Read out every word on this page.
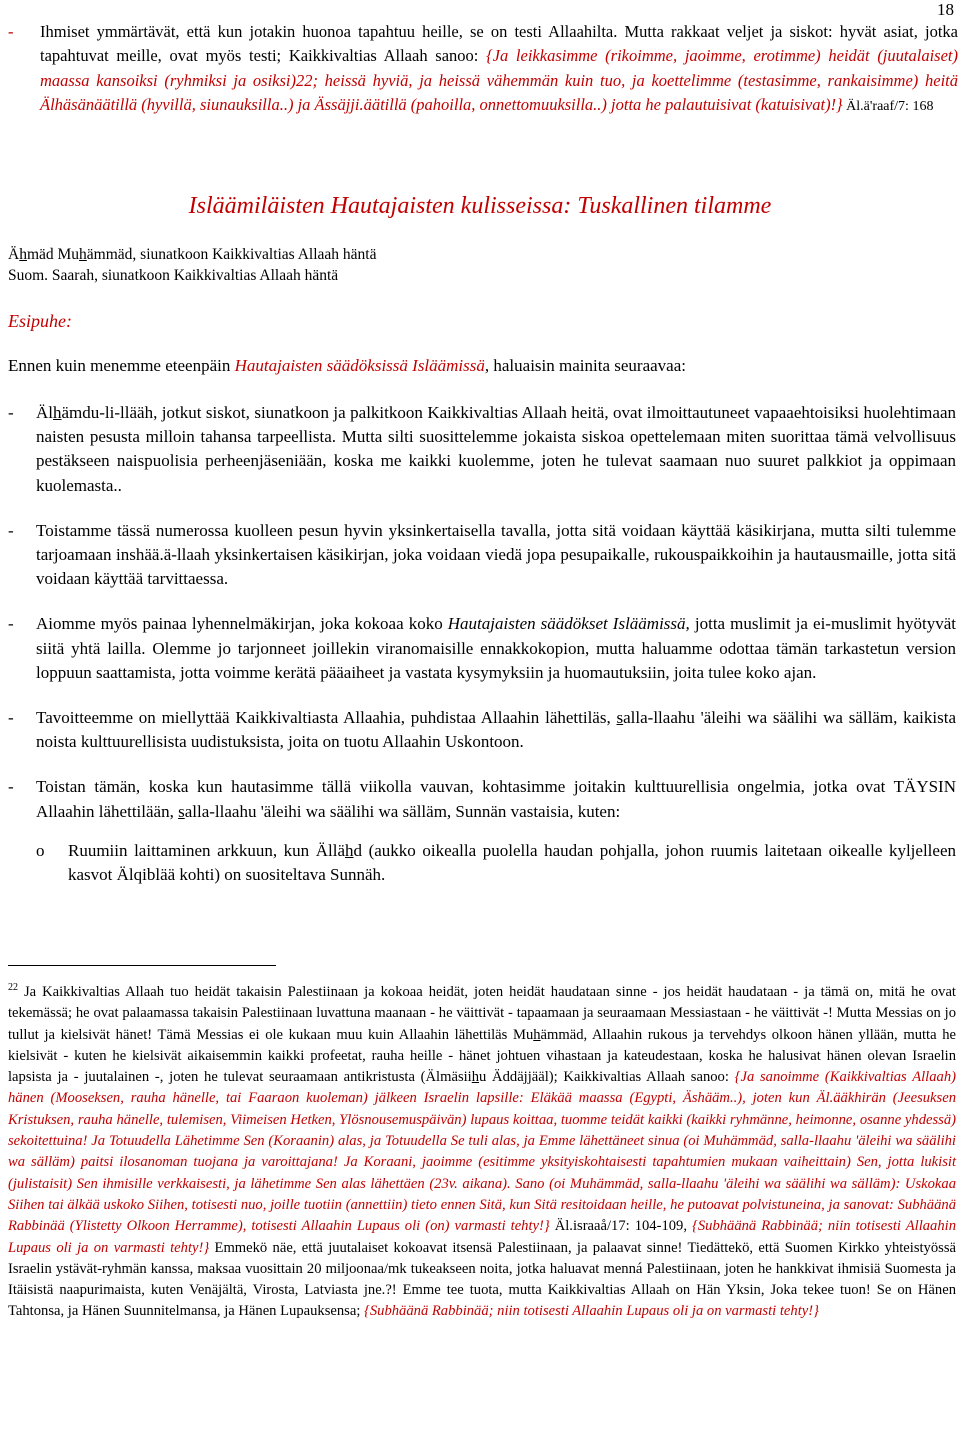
18
-	Ihmiset ymmärtävät, että kun jotakin huonoa tapahtuu heille, se on testi Allaahilta. Mutta rakkaat veljet ja siskot: hyvät asiat, jotka tapahtuvat meille, ovat myös testi; Kaikkivaltias Allaah sanoo: {Ja leikkasimme (rikoimme, jaoimme, erotimme) heidät (juutalaiset) maassa kansoiksi (ryhmiksi ja osiksi)22; heissä hyviä, ja heissä vähemmän kuin tuo, ja koettelimme (testasimme, rankaisimme) heitä Älhäsänäätillä (hyvillä, siunauksilla..) ja Ässäjji.äätillä (pahoilla, onnettomuuksilla..) jotta he palautuisivat (katuisivat)!} Äl.ä'raaf/7: 168
Isläämiläisten Hautajaisten kulisseissa: Tuskallinen tilamme
Ähmäd Muhämmäd, siunatkoon Kaikkivaltias Allaah häntä
Suom. Saarah, siunatkoon Kaikkivaltias Allaah häntä
Esipuhe:
Ennen kuin menemme eteenpäin Hautajaisten säädöksissä Isläämissä, haluaisin mainita seuraavaa:
-	Älhämdu-li-llääh, jotkut siskot, siunatkoon ja palkitkoon Kaikkivaltias Allaah heitä, ovat ilmoittautuneet vapaaehtoisiksi huolehtimaan naisten pesusta milloin tahansa tarpeellista. Mutta silti suosittelemme jokaista siskoa opettelemaan miten suorittaa tämä velvollisuus pestäkseen naispuolisia perheenjäseniään, koska me kaikki kuolemme, joten he tulevat saamaan nuo suuret palkkiot ja oppimaan kuolemasta..
-	Toistamme tässä numerossa kuolleen pesun hyvin yksinkertaisella tavalla, jotta sitä voidaan käyttää käsikirjana, mutta silti tulemme tarjoamaan inshää.ä-llaah yksinkertaisen käsikirjan, joka voidaan viedä jopa pesupaikalle, rukouspaikkoihin ja hautausmaille, jotta sitä voidaan käyttää tarvittaessa.
-	Aiomme myös painaa lyhennelmäkirjan, joka kokoaa koko Hautajaisten säädökset Isläämissä, jotta muslimit ja ei-muslimit hyötyvät siitä yhtä lailla. Olemme jo tarjonneet joillekin viranomaisille ennakkokopion, mutta haluamme odottaa tämän tarkastetun version loppuun saattamista, jotta voimme kerätä pääaiheet ja vastata kysymyksiin ja huomautuksiin, joita tulee koko ajan.
-	Tavoitteemme on miellyttää Kaikkivaltiasta Allaahia, puhdistaa Allaahin lähettiläs, salla-llaahu 'äleihi wa säälihi wa sälläm, kaikista noista kulttuurellisista uudistuksista, joita on tuotu Allaahin Uskontoon.
-	Toistan tämän, koska kun hautasimme tällä viikolla vauvan, kohtasimme joitakin kulttuurellisia ongelmia, jotka ovat TÄYSIN Allaahin lähettilään, salla-llaahu 'äleihi wa säälihi wa sälläm, Sunnän vastaisia, kuten:
o	Ruumiin laittaminen arkkuun, kun Ällähd (aukko oikealla puolella haudan pohjalla, johon ruumis laitetaan oikealle kyljelleen kasvot Älqiblää kohti) on suositeltava Sunnäh.
$^{22}$ Ja Kaikkivaltias Allaah tuo heidät takaisin Palestiinaan ja kokoaa heidät, joten heidät haudataan sinne - jos heidät haudataan - ja tämä on, mitä he ovat tekemässä; he ovat palaamassa takaisin Palestiinaan luvattuna maanaan - he väittivät - tapaamaan ja seuraamaan Messiastaan - he väittivät -! Mutta Messias on jo tullut ja kielsivät hänet! Tämä Messias ei ole kukaan muu kuin Allaahin lähettiläs Muhämmäd, Allaahin rukous ja tervehdys olkoon hänen yllään, mutta he kielsivät - kuten he kielsivät aikaisemmin kaikki profeetat, rauha heille - hänet johtuen vihastaan ja kateudestaan, koska he halusivat hänen olevan Israelin lapsista ja - juutalainen -, joten he tulevat seuraamaan antikristusta (Älmäsiihu Äddäjjääl); Kaikkivaltias Allaah sanoo: {Ja sanoimme (Kaikkivaltias Allaah) hänen (Mooseksen, rauha hänelle, tai Faaraon kuoleman) jälkeen Israelin lapsille: Eläkää maassa (Egypti, Äshääm..), joten kun Äl.ääkhirän (Jeesuksen Kristuksen, rauha hänelle, tulemisen, Viimeisen Hetken, Ylösnousemuspäivän) lupaus koittaa, tuomme teidät kaikki (kaikki ryhmänne, heimonne, osanne yhdessä) sekoitettuina! Ja Totuudella Lähetimme Sen (Koraanin) alas, ja Totuudella Se tuli alas, ja Emme lähettäneet sinua (oi Muhämmäd, salla-llaahu 'äleihi wa säälihi wa sälläm) paitsi ilosanoman tuojana ja varoittajana! Ja Koraani, jaoimme (esitimme yksityiskohtaisesti tapahtumien mukaan vaiheittain) Sen, jotta lukisit (julistaisit) Sen ihmisille verkkaisesti, ja lähetimme Sen alas lähettäen (23v. aikana). Sano (oi Muhämmäd, salla-llaahu 'äleihi wa säälihi wa sälläm): Uskokaa Siihen tai älkää uskoko Siihen, totisesti nuo, joille tuotiin (annettiin) tieto ennen Sitä, kun Sitä resitoidaan heille, he putoavat polvistuneina, ja sanovat: Subhäänä Rabbinää (Ylistetty Olkoon Herramme), totisesti Allaahin Lupaus oli (on) varmasti tehty!} Äl.israaå/17: 104-109, {Subhäänä Rabbinää; niin totisesti Allaahin Lupaus oli ja on varmasti tehty!} Emmekö näe, että juutalaiset kokoavat itsensä Palestiinaan, ja palaavat sinne! Tiedättekö, että Suomen Kirkko yhteistyössä Israelin ystävät-ryhmän kanssa, maksaa vuosittain 20 miljoonaa/mk tukeakseen noita, jotka haluavat menná Palestiinaan, joten he hankkivat ihmisiä Suomesta ja Itäisistä naapurimaista, kuten Venäjältä, Virosta, Latviasta jne.?! Emme tee tuota, mutta Kaikkivaltias Allaah on Hän Yksin, Joka tekee tuon! Se on Hänen Tahtonsa, ja Hänen Suunnitelmansa, ja Hänen Lupauksensa; {Subhäänä Rabbinää; niin totisesti Allaahin Lupaus oli ja on varmasti tehty!}
